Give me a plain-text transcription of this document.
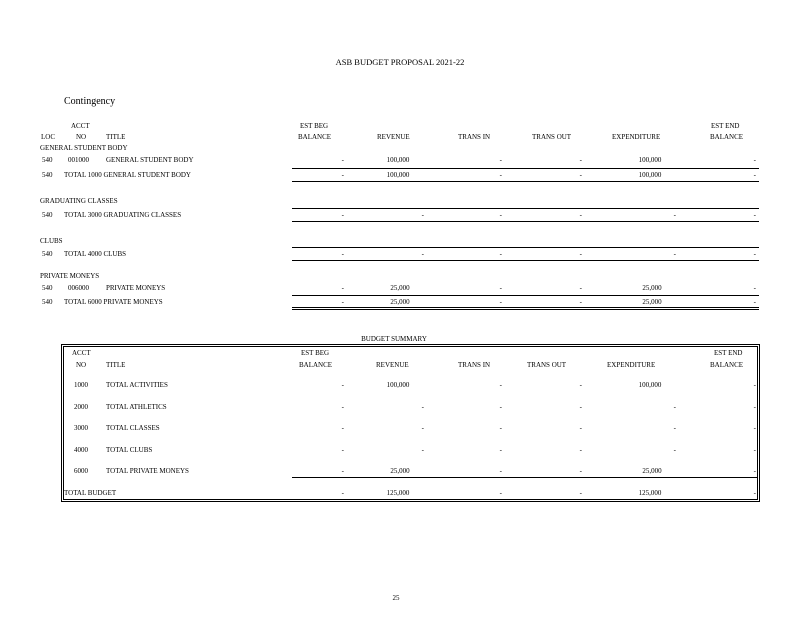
ASB BUDGET PROPOSAL 2021-22
Contingency
ACCT	EST BEG	EST END
LOC	NO	TITLE	BALANCE	REVENUE	TRANS IN	TRANS OUT	EXPENDITURE	BALANCE
GENERAL STUDENT BODY
540 001000 GENERAL STUDENT BODY	-	100,000	-	-	100,000	-
540 TOTAL 1000 GENERAL STUDENT BODY	-	100,000	-	-	100,000	-
GRADUATING CLASSES
540 TOTAL 3000 GRADUATING CLASSES	-	-	-	-	-	-
CLUBS
540 TOTAL 4000 CLUBS	-	-	-	-	-	-
PRIVATE MONEYS
540 006000 PRIVATE MONEYS	-	25,000	-	-	25,000	-
540 TOTAL 6000 PRIVATE MONEYS	-	25,000	-	-	25,000	-
BUDGET SUMMARY
ACCT	EST BEG	EST END
NO	TITLE	BALANCE	REVENUE	TRANS IN	TRANS OUT	EXPENDITURE	BALANCE
1000	TOTAL ACTIVITIES	-	100,000	-	-	100,000	-
2000	TOTAL ATHLETICS	-	-	-	-	-	-
3000	TOTAL CLASSES	-	-	-	-	-	-
4000	TOTAL CLUBS	-	-	-	-	-	-
6000	TOTAL PRIVATE MONEYS	-	25,000	-	-	25,000	-
TOTAL BUDGET	-	125,000	-	-	125,000	-
25
